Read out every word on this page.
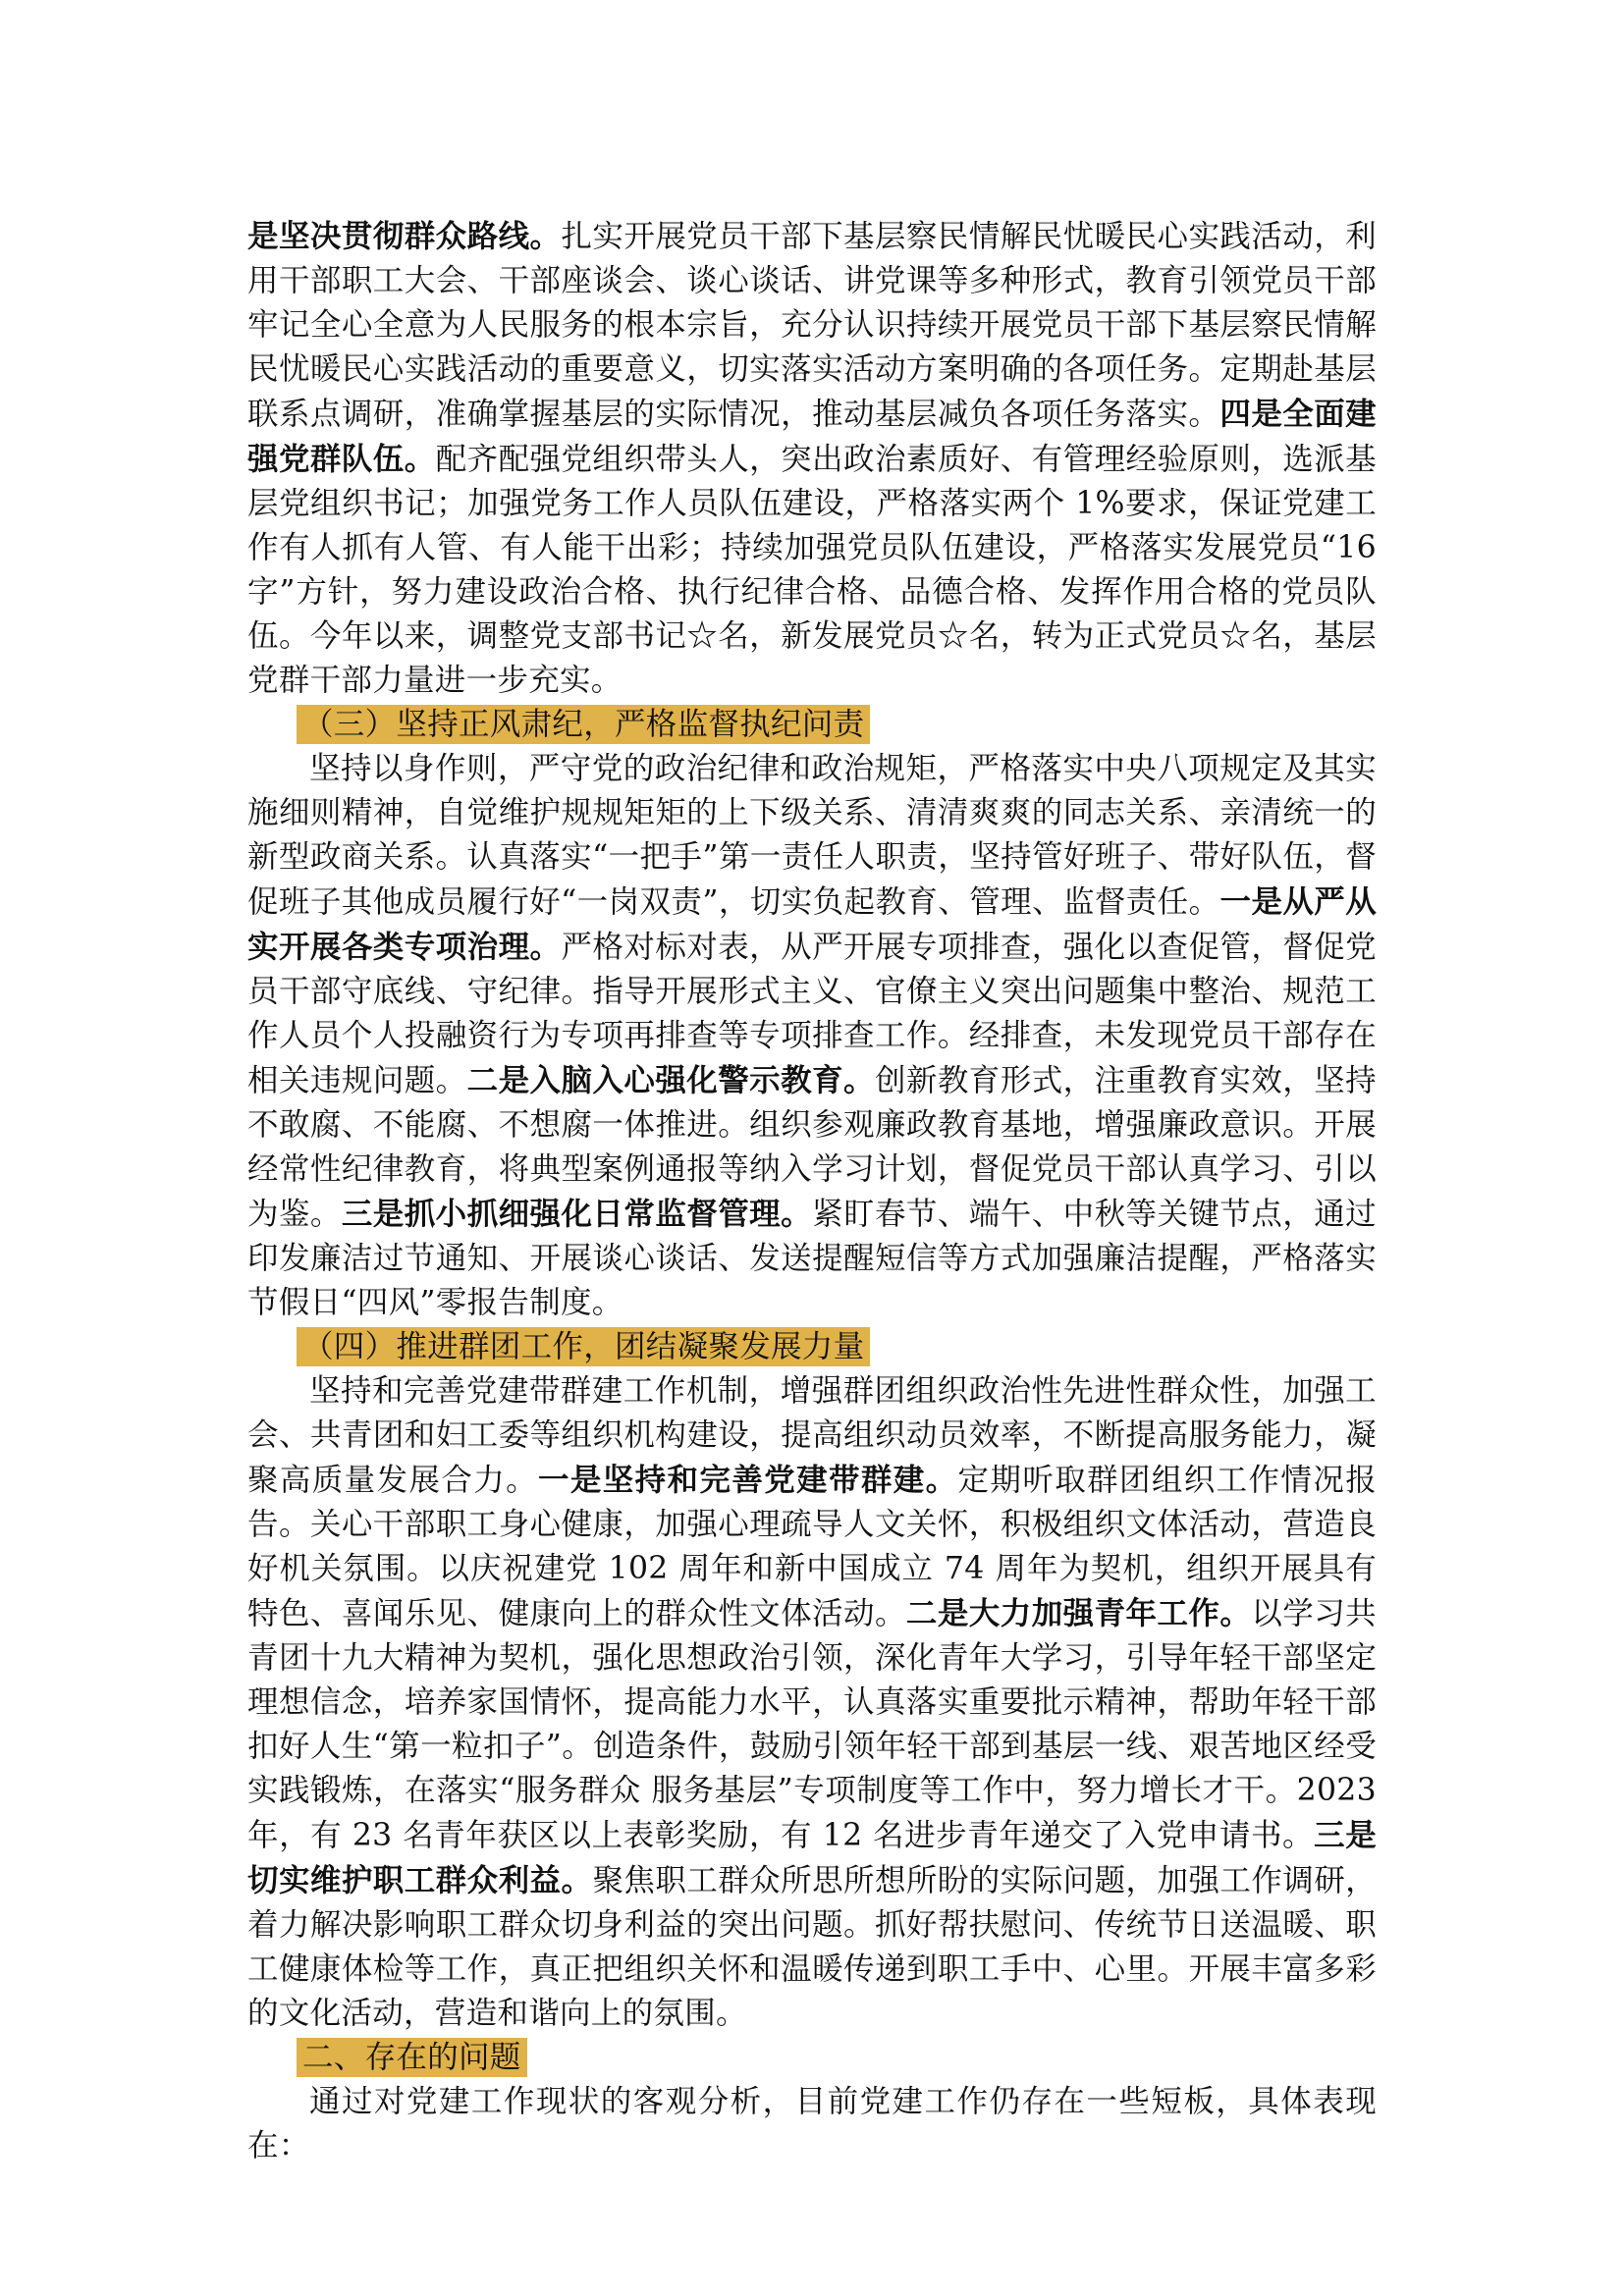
是坚决贯彻群众路线。扎实开展党员干部下基层察民情解民忧暖民心实践活动，利用干部职工大会、干部座谈会、谈心谈话、讲党课等多种形式，教育引领党员干部牢记全心全意为人民服务的根本宗旨，充分认识持续开展党员干部下基层察民情解民忧暖民心实践活动的重要意义，切实落实活动方案明确的各项任务。定期赴基层联系点调研，准确掌握基层的实际情况，推动基层减负各项任务落实。四是全面建强党群队伍。配齐配强党组织带头人，突出政治素质好、有管理经验原则，选派基层党组织书记；加强党务工作人员队伍建设，严格落实两个 1%要求，保证党建工作有人抓有人管、有人能干出彩；持续加强党员队伍建设，严格落实发展党员“16字”方针，努力建设政治合格、执行纪律合格、品德合格、发挥作用合格的党员队伍。今年以来，调整党支部书记☆名，新发展党员☆名，转为正式党员☆名，基层党群干部力量进一步充实。

（三）坚持正风肃纪，严格监督执纪问责

坚持以身作则，严守党的政治纪律和政治规矩，严格落实中央八项规定及其实施细则精神，自觉维护规规矩矩的上下级关系、清清爽爽的同志关系、亲清统一的新型政商关系。认真落实“一把手”第一责任人职责，坚持管好班子、带好队伍，督促班子其他成员履行好“一岗双责”，切实负起教育、管理、监督责任。一是从严从实开展各类专项治理。严格对标对表，从严开展专项排查，强化以查促管，督促党员干部守底线、守纪律。指导开展形式主义、官僚主义突出问题集中整治、规范工作人员个人投融资行为专项再排查等专项排查工作。经排查，未发现党员干部存在相关违规问题。二是入脑入心强化警示教育。创新教育形式，注重教育实效，坚持不敢腐、不能腐、不想腐一体推进。组织参观廉政教育基地，增强廉政意识。开展经常性纪律教育，将典型案例通报等纳入学习计划，督促党员干部认真学习、引以为鉴。三是抓小抓细强化日常监督管理。紧盯春节、端午、中秋等关键节点，通过印发廉洁过节通知、开展谈心谈话、发送提醒短信等方式加强廉洁提醒，严格落实节假日“四风”零报告制度。

（四）推进群团工作，团结凝聚发展力量

坚持和完善党建带群建工作机制，增强群团组织政治性先进性群众性，加强工会、共青团和妇工委等组织机构建设，提高组织动员效率，不断提高服务能力，凝聚高质量发展合力。一是坚持和完善党建带群建。定期听取群团组织工作情况报告。关心干部职工身心健康，加强心理疏导人文关怀，积极组织文体活动，营造良好机关氛围。以庆祝建党 102 周年和新中国成立 74 周年为契机，组织开展具有特色、喜闻乐见、健康向上的群众性文体活动。二是大力加强青年工作。以学习共青团十九大精神为契机，强化思想政治引领，深化青年大学习，引导年轻干部坚定理想信念，培养家国情怀，提高能力水平，认真落实重要批示精神，帮助年轻干部扣好人生“第一粒扣子”。创造条件，鼓励引领年轻干部到基层一线、艰苦地区经受实践锻炼，在落实“服务群众 服务基层”专项制度等工作中，努力增长才干。2023 年，有 23 名青年获区以上表彰奖励，有 12 名进步青年递交了入党申请书。三是切实维护职工群众利益。聚焦职工群众所思所想所盼的实际问题，加强工作调研，着力解决影响职工群众切身利益的突出问题。抓好帮扶慰问、传统节日送温暖、职工健康体检等工作，真正把组织关怀和温暖传递到职工手中、心里。开展丰富多彩的文化活动，营造和谐向上的氛围。

二、存在的问题

通过对党建工作现状的客观分析，目前党建工作仍存在一些短板，具体表现在：
